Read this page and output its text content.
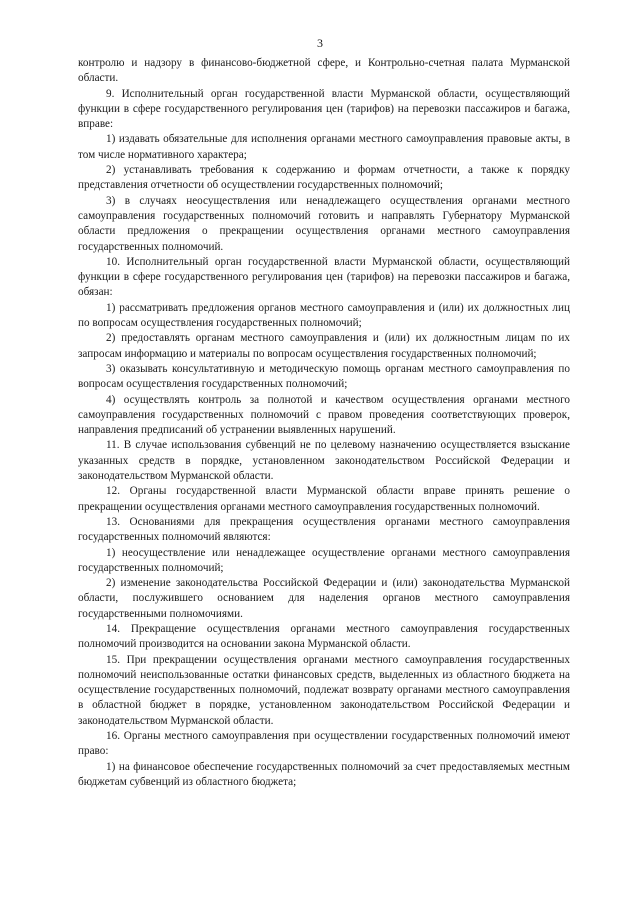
3

контролю и надзору в финансово-бюджетной сфере, и Контрольно-счетная палата Мурманской области.

9. Исполнительный орган государственной власти Мурманской области, осуществляющий функции в сфере государственного регулирования цен (тарифов) на перевозки пассажиров и багажа, вправе:

1) издавать обязательные для исполнения органами местного самоуправления правовые акты, в том числе нормативного характера;

2) устанавливать требования к содержанию и формам отчетности, а также к порядку представления отчетности об осуществлении государственных полномочий;

3) в случаях неосуществления или ненадлежащего осуществления органами местного самоуправления государственных полномочий готовить и направлять Губернатору Мурманской области предложения о прекращении осуществления органами местного самоуправления государственных полномочий.

10. Исполнительный орган государственной власти Мурманской области, осуществляющий функции в сфере государственного регулирования цен (тарифов) на перевозки пассажиров и багажа, обязан:

1) рассматривать предложения органов местного самоуправления и (или) их должностных лиц по вопросам осуществления государственных полномочий;

2) предоставлять органам местного самоуправления и (или) их должностным лицам по их запросам информацию и материалы по вопросам осуществления государственных полномочий;

3) оказывать консультативную и методическую помощь органам местного самоуправления по вопросам осуществления государственных полномочий;

4) осуществлять контроль за полнотой и качеством осуществления органами местного самоуправления государственных полномочий с правом проведения соответствующих проверок, направления предписаний об устранении выявленных нарушений.

11. В случае использования субвенций не по целевому назначению осуществляется взыскание указанных средств в порядке, установленном законодательством Российской Федерации и законодательством Мурманской области.

12. Органы государственной власти Мурманской области вправе принять решение о прекращении осуществления органами местного самоуправления государственных полномочий.

13. Основаниями для прекращения осуществления органами местного самоуправления государственных полномочий являются:

1) неосуществление или ненадлежащее осуществление органами местного самоуправления государственных полномочий;

2) изменение законодательства Российской Федерации и (или) законодательства Мурманской области, послужившего основанием для наделения органов местного самоуправления государственными полномочиями.

14. Прекращение осуществления органами местного самоуправления государственных полномочий производится на основании закона Мурманской области.

15. При прекращении осуществления органами местного самоуправления государственных полномочий неиспользованные остатки финансовых средств, выделенных из областного бюджета на осуществление государственных полномочий, подлежат возврату органами местного самоуправления в областной бюджет в порядке, установленном законодательством Российской Федерации и законодательством Мурманской области.

16. Органы местного самоуправления при осуществлении государственных полномочий имеют право:

1) на финансовое обеспечение государственных полномочий за счет предоставляемых местным бюджетам субвенций из областного бюджета;
